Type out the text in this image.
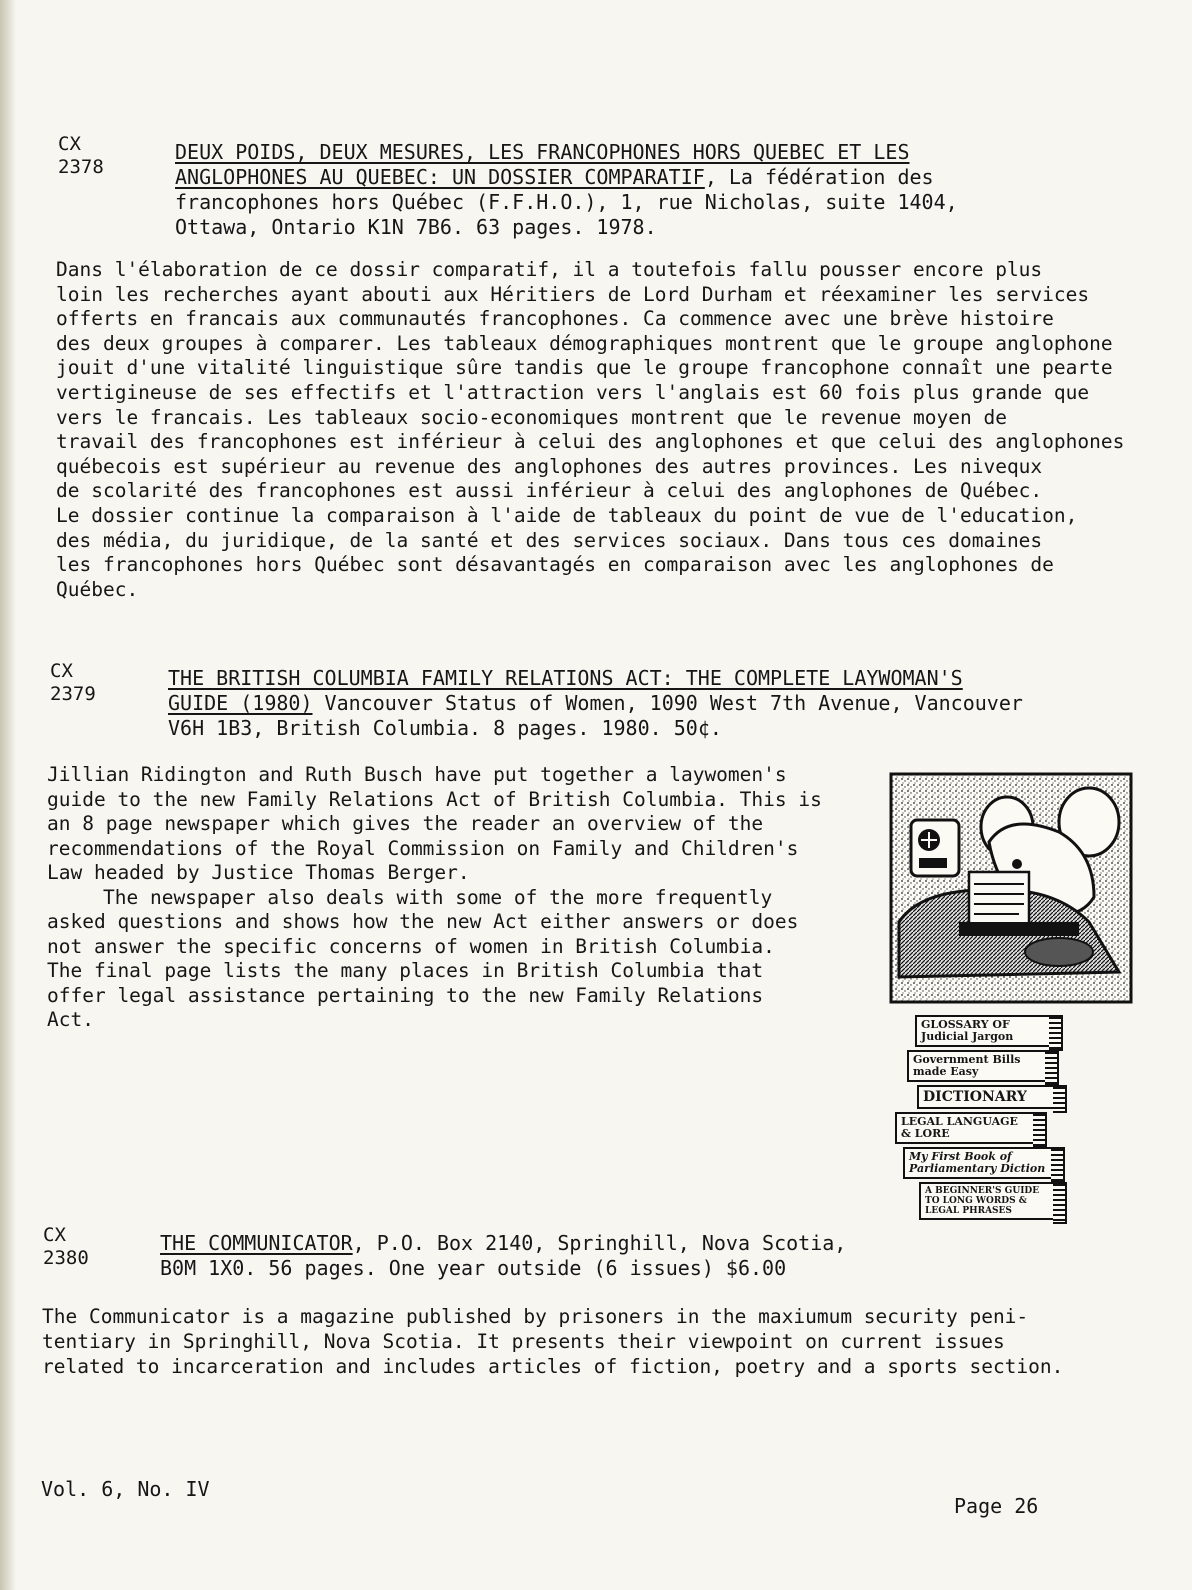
CX
2378
DEUX POIDS, DEUX MESURES, LES FRANCOPHONES HORS QUEBEC ET LES
ANGLOPHONES AU QUEBEC: UN DOSSIER COMPARATIF, La fédération des
francophones hors Québec (F.F.H.O.), 1, rue Nicholas, suite 1404,
Ottawa, Ontario K1N 7B6. 63 pages. 1978.
Dans l'élaboration de ce dossir comparatif, il a toutefois fallu pousser encore plus
loin les recherches ayant abouti aux Héritiers de Lord Durham et réexaminer les services
offerts en francais aux communautés francophones. Ca commence avec une brève histoire
des deux groupes à comparer. Les tableaux démographiques montrent que le groupe anglophone
jouit d'une vitalité linguistique sûre tandis que le groupe francophone connaît une pearte
vertigineuse de ses effectifs et l'attraction vers l'anglais est 60 fois plus grande que
vers le francais. Les tableaux socio-economiques montrent que le revenue moyen de
travail des francophones est inférieur à celui des anglophones et que celui des anglophones
québecois est supérieur au revenue des anglophones des autres provinces. Les nivequx
de scolarité des francophones est aussi inférieur à celui des anglophones de Québec.
Le dossier continue la comparaison à l'aide de tableaux du point de vue de l'education,
des média, du juridique, de la santé et des services sociaux. Dans tous ces domaines
les francophones hors Québec sont désavantagés en comparaison avec les anglophones de
Québec.
CX
2379
THE BRITISH COLUMBIA FAMILY RELATIONS ACT: THE COMPLETE LAYWOMAN'S
GUIDE (1980) Vancouver Status of Women, 1090 West 7th Avenue, Vancouver
V6H 1B3, British Columbia. 8 pages. 1980. 50¢.
Jillian Ridington and Ruth Busch have put together a laywomen's
guide to the new Family Relations Act of British Columbia. This is
an 8 page newspaper which gives the reader an overview of the
recommendations of the Royal Commission on Family and Children's
Law headed by Justice Thomas Berger.
The newspaper also deals with some of the more frequently
asked questions and shows how the new Act either answers or does
not answer the specific concerns of women in British Columbia.
The final page lists the many places in British Columbia that
offer legal assistance pertaining to the new Family Relations
Act.	GLOSSARY OF Judicial Jargon
Government Bills made Easy
DICTIONARY
LEGAL LANGUAGE & LORE
My First Book of Parliamentary Diction
A BEGINNER'S GUIDE TO LONG WORDS & LEGAL PHRASES
CX
2380
THE COMMUNICATOR, P.O. Box 2140, Springhill, Nova Scotia,
B0M 1X0. 56 pages. One year outside (6 issues) $6.00
The Communicator is a magazine published by prisoners in the maxiumum security peni-
tentiary in Springhill, Nova Scotia. It presents their viewpoint on current issues
related to incarceration and includes articles of fiction, poetry and a sports section.
Vol. 6, No. IV
Page 26
